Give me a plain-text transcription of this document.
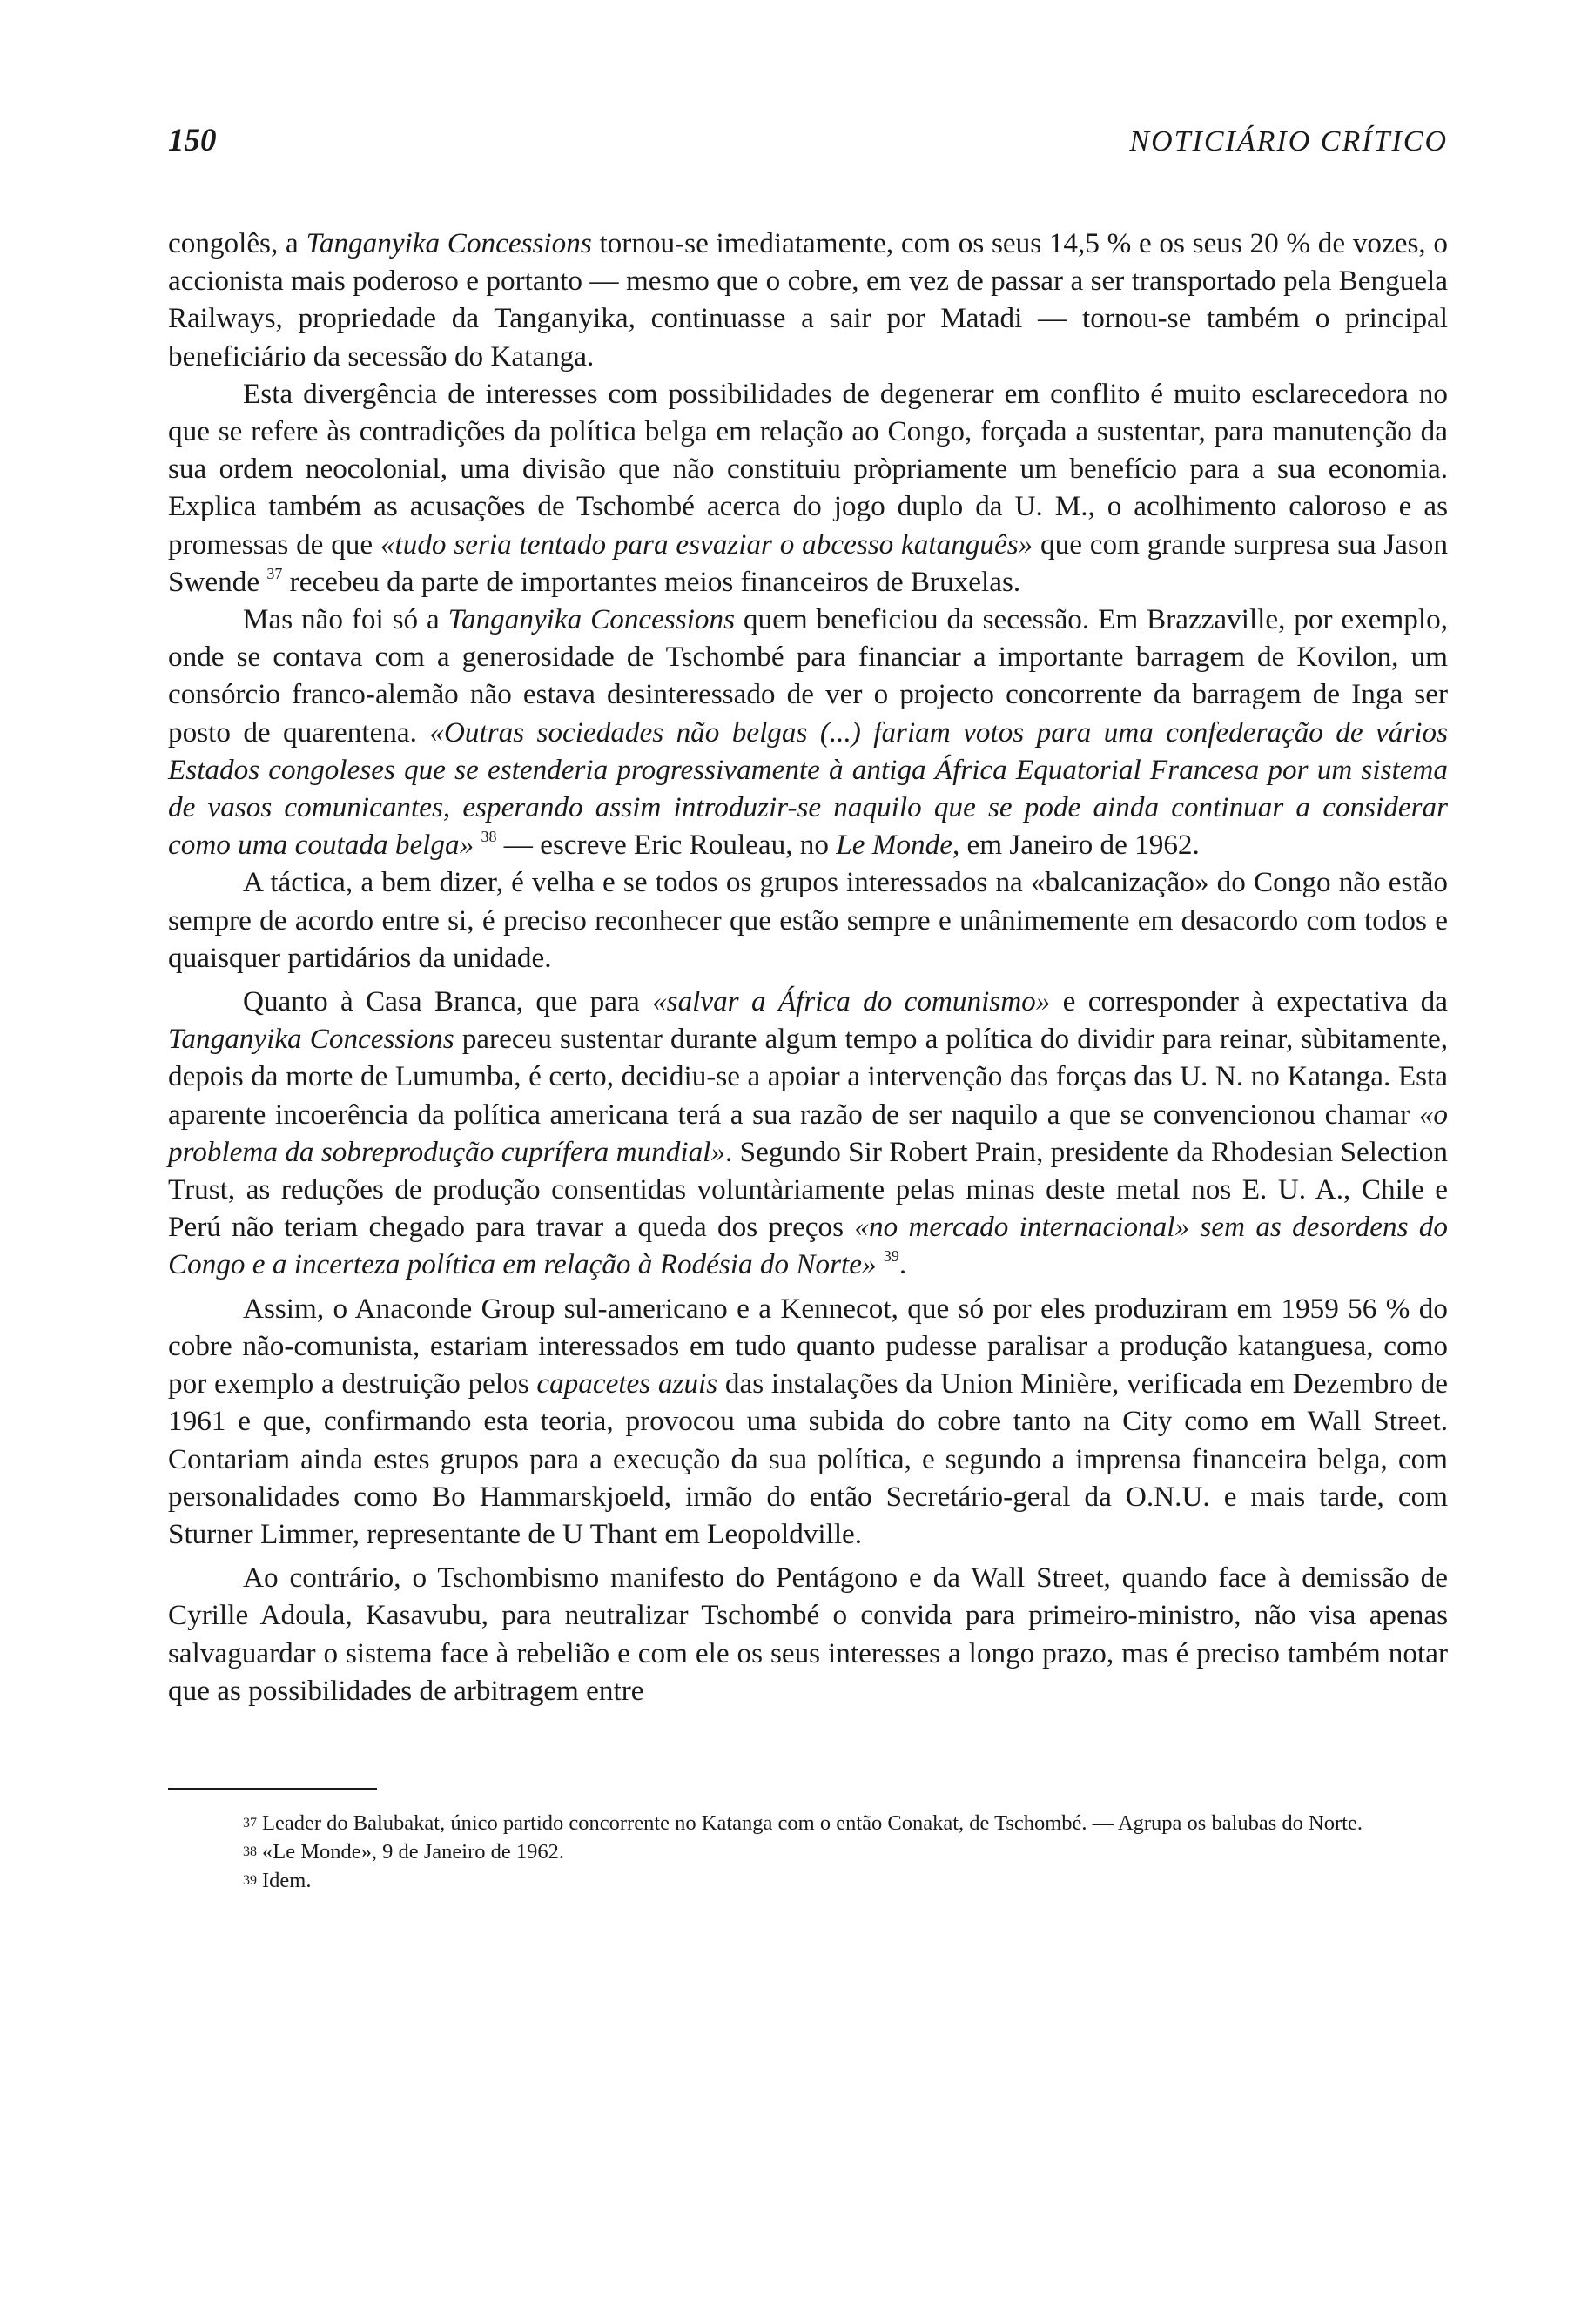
150	NOTICIÁRIO CRÍTICO

congolês, a Tanganyika Concessions tornou-se imediatamente, com os seus 14,5 % e os seus 20 % de vozes, o accionista mais poderoso e portanto — mesmo que o cobre, em vez de passar a ser transportado pela Benguela Railways, propriedade da Tanganyika, continuasse a sair por Matadi — tornou-se também o principal beneficiário da secessão do Katanga.

Esta divergência de interesses com possibilidades de degenerar em conflito é muito esclarecedora no que se refere às contradições da política belga em relação ao Congo, forçada a sustentar, para manutenção da sua ordem neocolonial, uma divisão que não constituiu pròpriamente um benefício para a sua economia. Explica também as acusações de Tschombé acerca do jogo duplo da U. M., o acolhimento caloroso e as promessas de que «tudo seria tentado para esvaziar o abcesso katanguês» que com grande surpresa sua Jason Swende $^{37}$ recebeu da parte de importantes meios financeiros de Bruxelas.

Mas não foi só a Tanganyika Concessions quem beneficiou da secessão. Em Brazzaville, por exemplo, onde se contava com a generosidade de Tschombé para financiar a importante barragem de Kovilon, um consórcio franco-alemão não estava desinteressado de ver o projecto concorrente da barragem de Inga ser posto de quarentena. «Outras sociedades não belgas (...) fariam votos para uma confederação de vários Estados congoleses que se estenderia progressivamente à antiga África Equatorial Francesa por um sistema de vasos comunicantes, esperando assim introduzir-se naquilo que se pode ainda continuar a considerar como uma coutada belga» $^{38}$ — escreve Eric Rouleau, no Le Monde, em Janeiro de 1962.

A táctica, a bem dizer, é velha e se todos os grupos interessados na «balcanização» do Congo não estão sempre de acordo entre si, é preciso reconhecer que estão sempre e unânimemente em desacordo com todos e quaisquer partidários da unidade.

Quanto à Casa Branca, que para «salvar a África do comunismo» e corresponder à expectativa da Tanganyika Concessions pareceu sustentar durante algum tempo a política do dividir para reinar, sùbitamente, depois da morte de Lumumba, é certo, decidiu-se a apoiar a intervenção das forças das U. N. no Katanga. Esta aparente incoerência da política americana terá a sua razão de ser naquilo a que se convencionou chamar «o problema da sobreprodução cuprífera mundial». Segundo Sir Robert Prain, presidente da Rhodesian Selection Trust, as reduções de produção consentidas voluntàriamente pelas minas deste metal nos E. U. A., Chile e Perú não teriam chegado para travar a queda dos preços «no mercado internacional» sem as desordens do Congo e a incerteza política em relação à Rodésia do Norte» $^{39}$.

Assim, o Anaconde Group sul-americano e a Kennecot, que só por eles produziram em 1959 56 % do cobre não-comunista, estariam interessados em tudo quanto pudesse paralisar a produção katanguesa, como por exemplo a destruição pelos capacetes azuis das instalações da Union Minière, verificada em Dezembro de 1961 e que, confirmando esta teoria, provocou uma subida do cobre tanto na City como em Wall Street. Contariam ainda estes grupos para a execução da sua política, e segundo a imprensa financeira belga, com personalidades como Bo Hammarskjoeld, irmão do então Secretário-geral da O.N.U. e mais tarde, com Sturner Limmer, representante de U Thant em Leopoldville.

Ao contrário, o Tschombismo manifesto do Pentágono e da Wall Street, quando face à demissão de Cyrille Adoula, Kasavubu, para neutralizar Tschombé o convida para primeiro-ministro, não visa apenas salvaguardar o sistema face à rebelião e com ele os seus interesses a longo prazo, mas é preciso também notar que as possibilidades de arbitragem entre

$^{37}$ Leader do Balubakat, único partido concorrente no Katanga com o então Conakat, de Tschombé. — Agrupa os balubas do Norte.
$^{38}$ «Le Monde», 9 de Janeiro de 1962.
$^{39}$ Idem.
